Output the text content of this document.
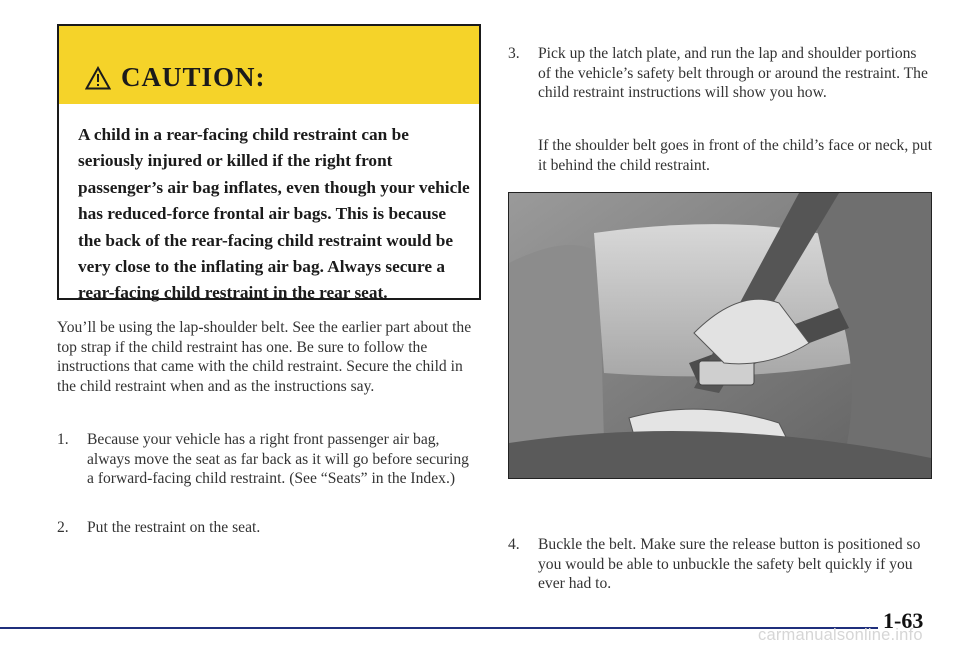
CAUTION:
A child in a rear-facing child restraint can be seriously injured or killed if the right front passenger’s air bag inflates, even though your vehicle has reduced-force frontal air bags. This is because the back of the rear-facing child restraint would be very close to the inflating air bag. Always secure a rear-facing child restraint in the rear seat.
You’ll be using the lap-shoulder belt. See the earlier part about the top strap if the child restraint has one. Be sure to follow the instructions that came with the child restraint. Secure the child in the child restraint when and as the instructions say.
1. Because your vehicle has a right front passenger air bag, always move the seat as far back as it will go before securing a forward-facing child restraint. (See “Seats” in the Index.)
2. Put the restraint on the seat.
3. Pick up the latch plate, and run the lap and shoulder portions of the vehicle’s safety belt through or around the restraint. The child restraint instructions will show you how.
If the shoulder belt goes in front of the child’s face or neck, put it behind the child restraint.
4. Buckle the belt. Make sure the release button is positioned so you would be able to unbuckle the safety belt quickly if you ever had to.
1-63
carmanualsonline.info
